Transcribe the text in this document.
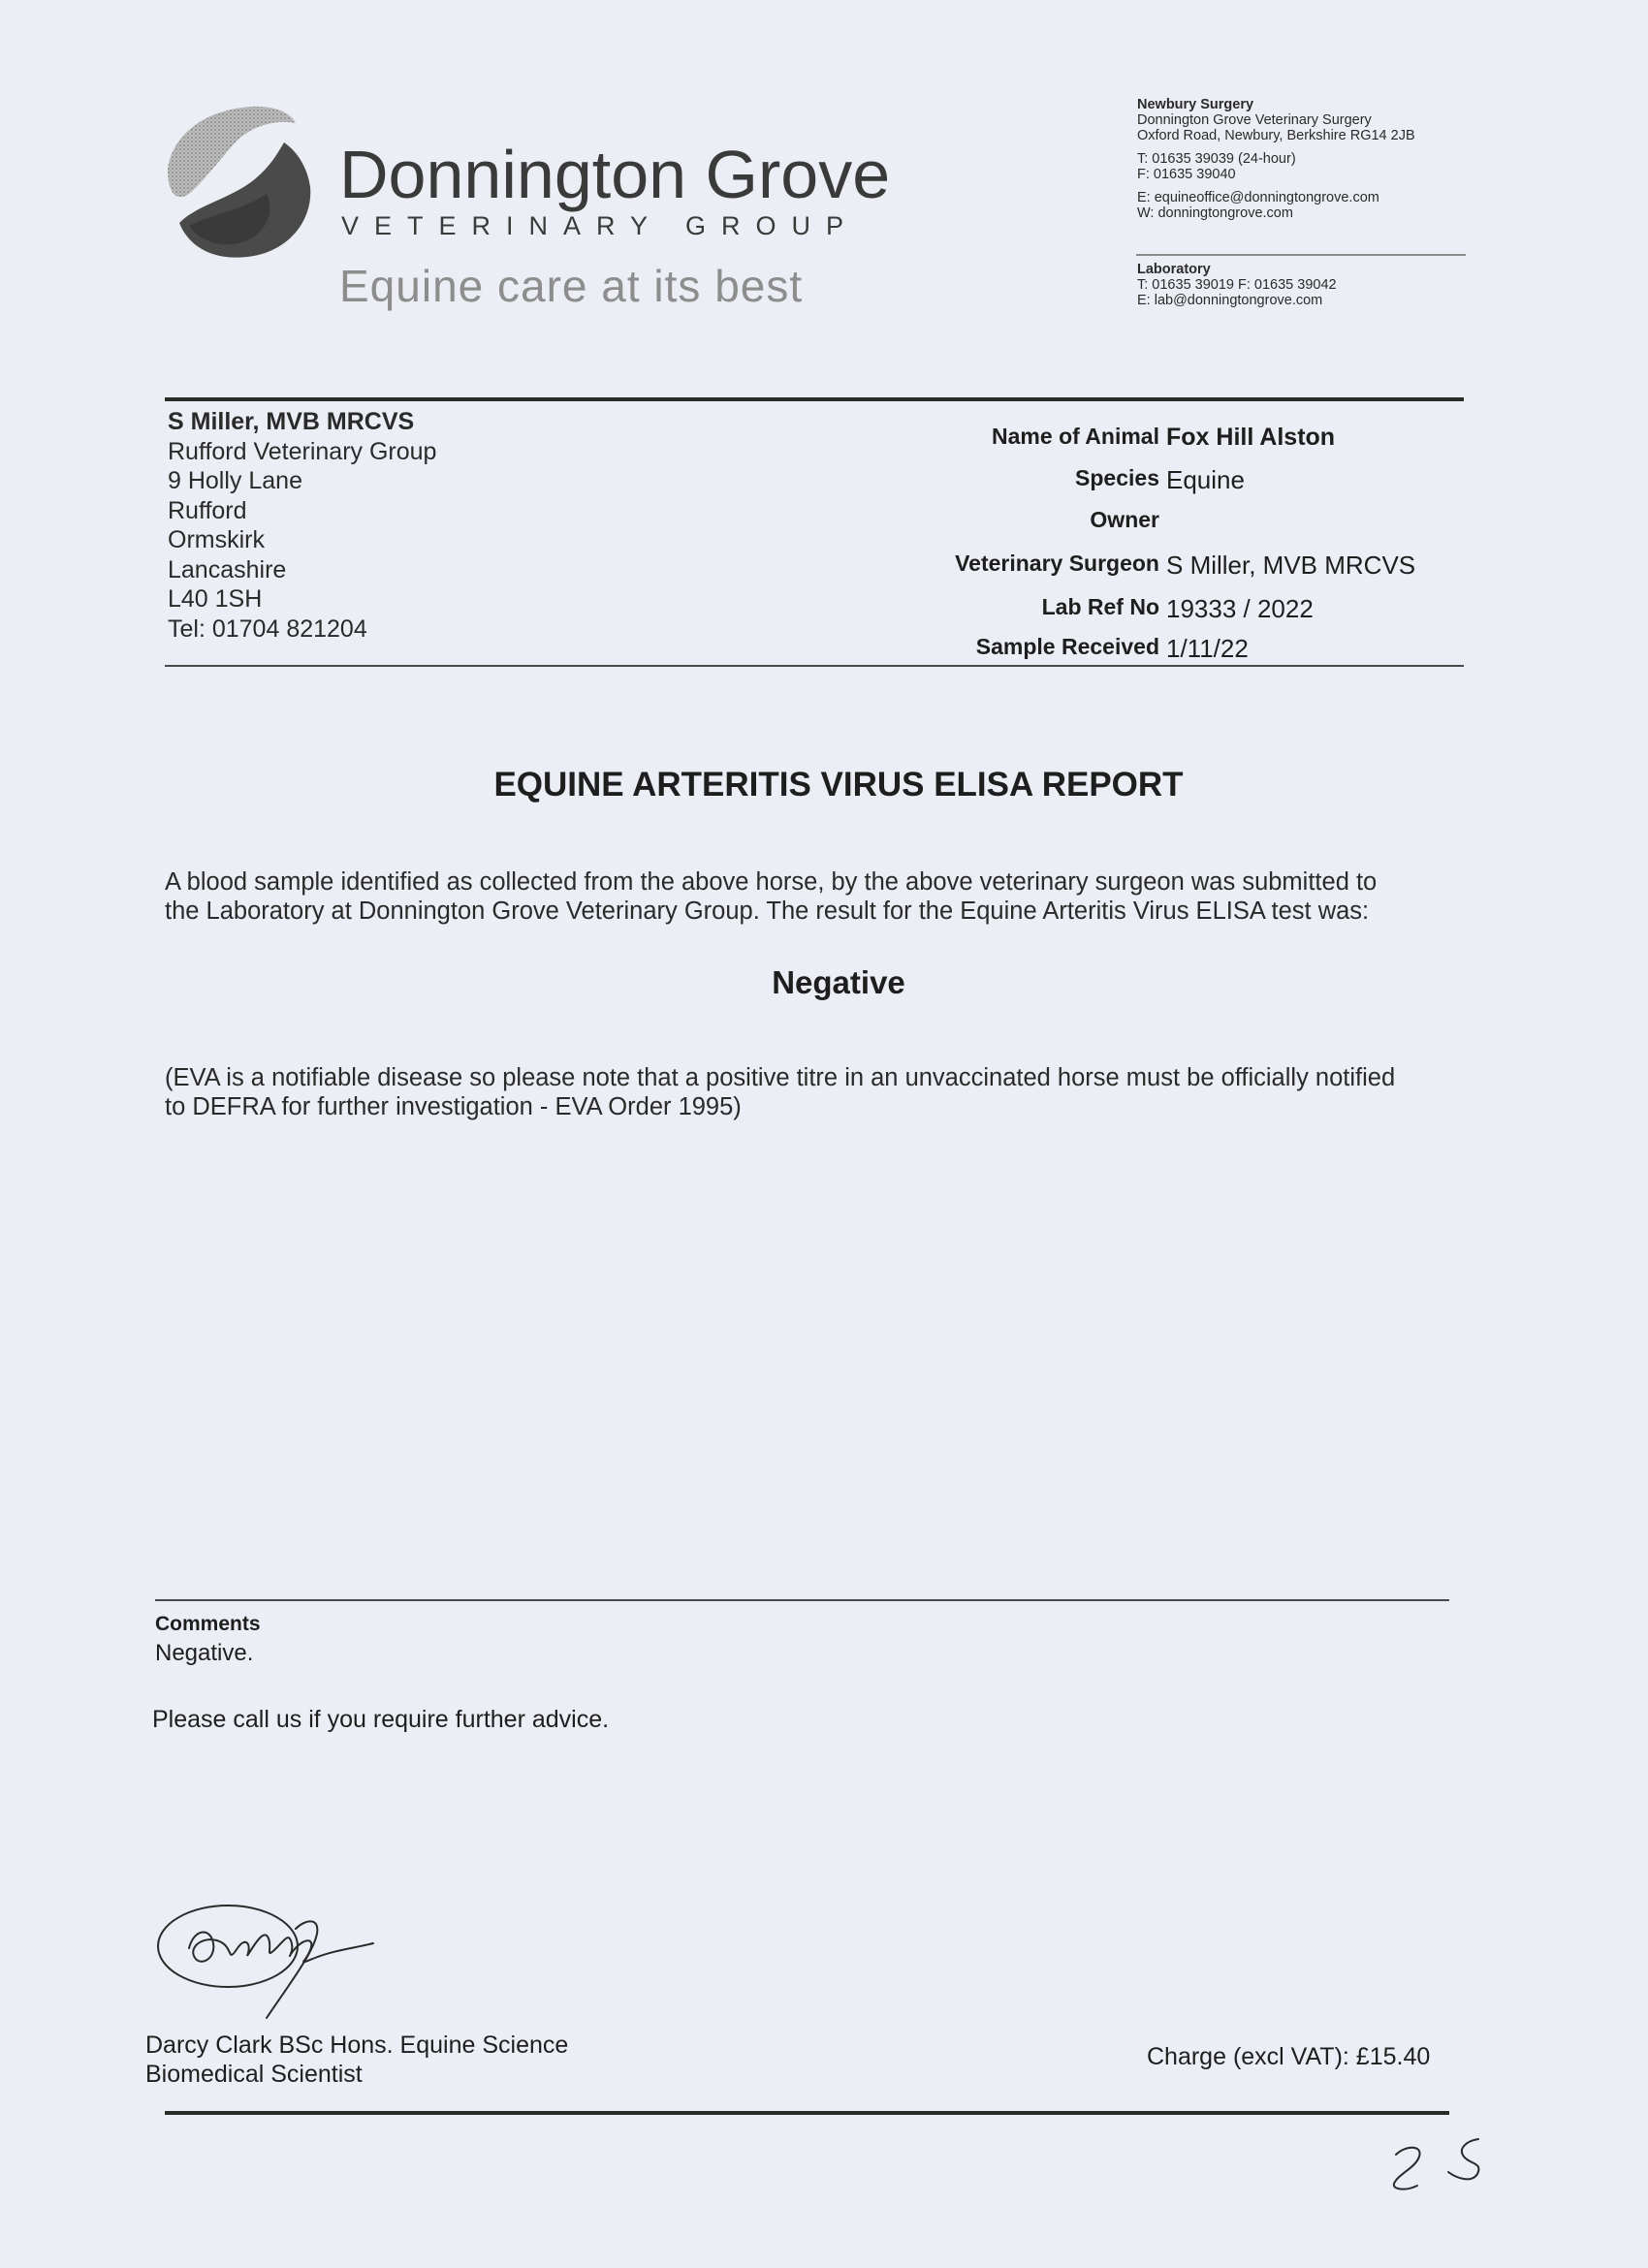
Donnington Grove
VETERINARY GROUP
Equine care at its best
Newbury Surgery
Donnington Grove Veterinary Surgery
Oxford Road, Newbury, Berkshire RG14 2JB
T: 01635 39039 (24-hour)
F: 01635 39040
E: equineoffice@donningtongrove.com
W: donningtongrove.com
Laboratory
T: 01635 39019 F: 01635 39042
E: lab@donningtongrove.com
S Miller, MVB MRCVS
Rufford Veterinary Group
9 Holly Lane
Rufford
Ormskirk
Lancashire
L40 1SH
Tel: 01704 821204
Name of Animal Fox Hill Alston
Species Equine
Owner
Veterinary Surgeon S Miller, MVB MRCVS
Lab Ref No 19333 / 2022
Sample Received 1/11/22
EQUINE ARTERITIS VIRUS ELISA REPORT
A blood sample identified as collected from the above horse, by the above veterinary surgeon was submitted to
the Laboratory at Donnington Grove Veterinary Group. The result for the Equine Arteritis Virus ELISA test was:
Negative
(EVA is a notifiable disease so please note that a positive titre in an unvaccinated horse must be officially notified
to DEFRA for further investigation - EVA Order 1995)
Comments
Negative.
Please call us if you require further advice.
Darcy Clark BSc Hons. Equine Science
Biomedical Scientist
Charge (excl VAT): £15.40
